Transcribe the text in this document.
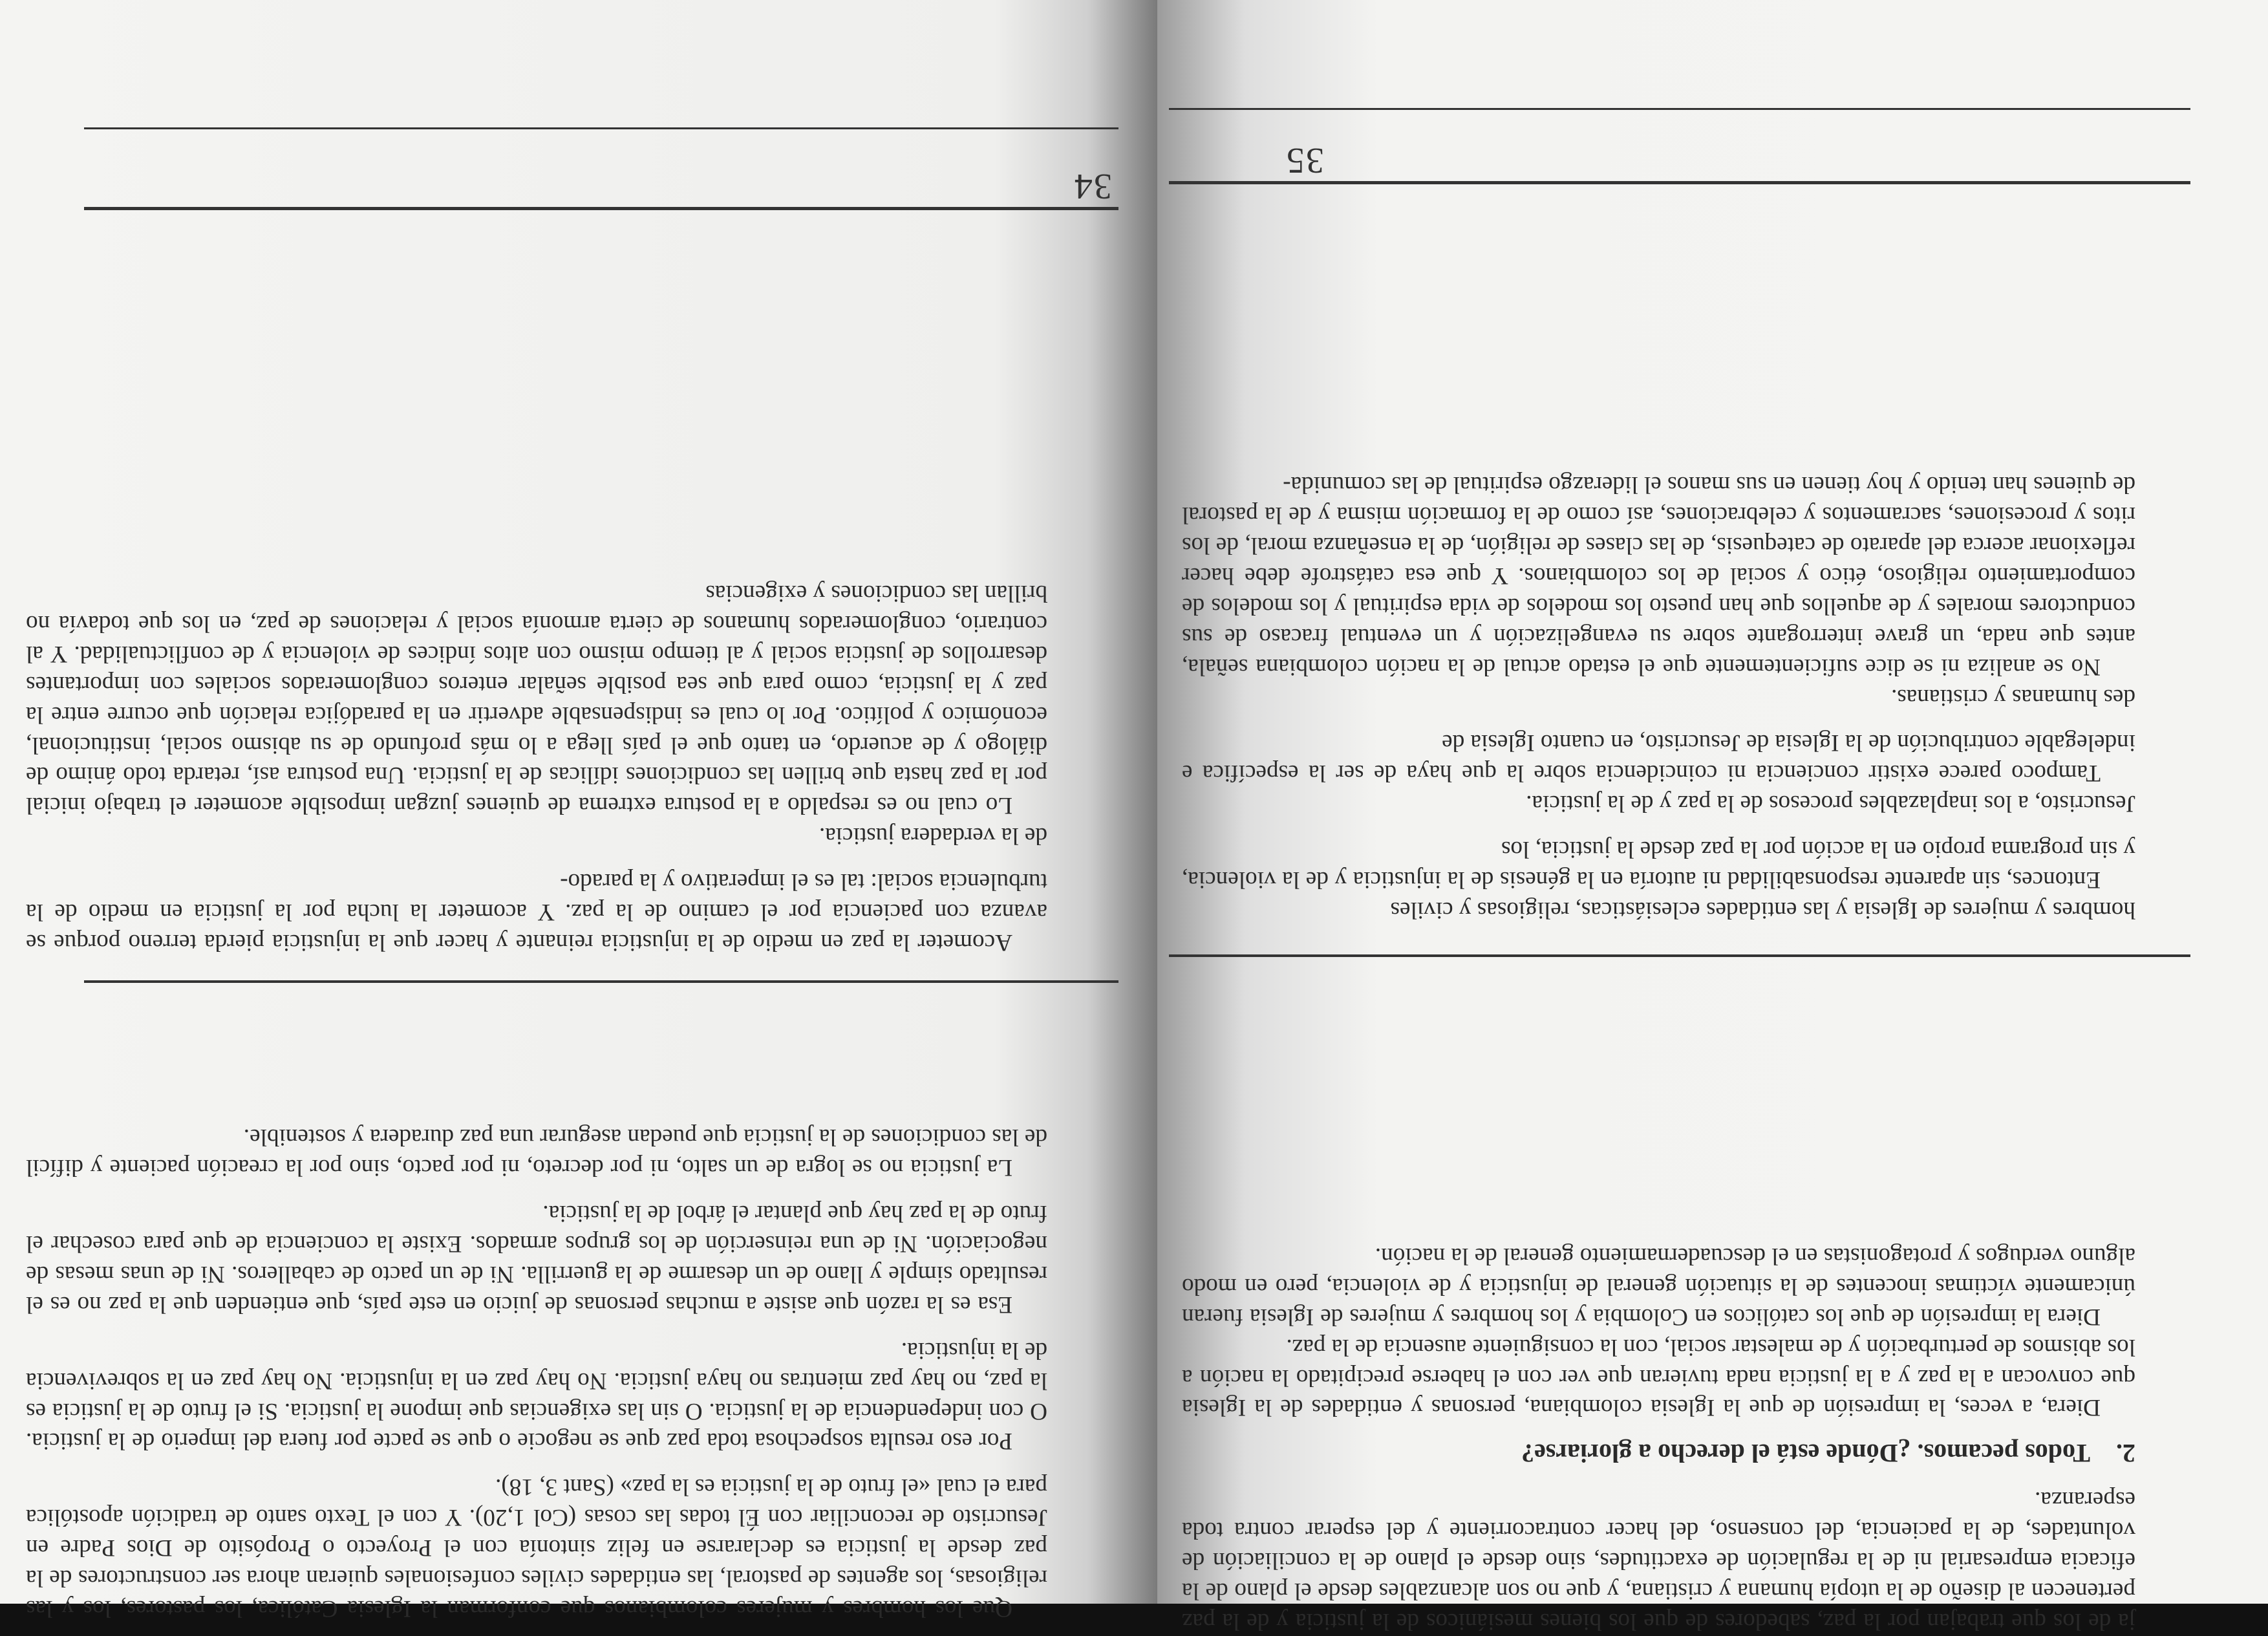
35

hombres y mujeres de Iglesia y las entidades eclesiásticas, religiosas y civiles

Entonces, sin aparente responsabilidad ni autoría en la génesis de la injusticia y de la violencia, y sin programa propio en la acción por la paz desde la justicia, los

Jesucristo, a los inaplazables procesos de la paz y de la justicia.

Tampoco parece existir conciencia ni coincidencia sobre la que haya de ser la específica e indelegable contribución de la Iglesia de Jesucristo, en cuanto Iglesia de

des humanas y cristianas.

No se analiza ni se dice suficientemente que el estado actual de la nación colombiana señala, antes que nada, un grave interrogante sobre su evangelización y un eventual fracaso de sus conductores morales y de aquellos que han puesto los modelos de vida espiritual y los modelos de comportamiento religioso, ético y social de los colombianos. Y que esa catástrofe debe hacer reflexionar acerca del aparato de catequesis, de las clases de religión, de la enseñanza moral, de los ritos y procesiones, sacramentos y celebraciones, así como de la formación misma y de la pastoral de quienes han tenido y hoy tienen en sus manos el liderazgo espiritual de las comunida-

ja de los que trabajan por la paz, sabedores de que los bienes mesiánicos de la justicia y de la paz pertenecen al diseño de la utopía humana y cristiana, y que no son alcanzables desde el plano de la eficacia empresarial ni de la regulación de exactitudes, sino desde el plano de la conciliación de voluntades, de la paciencia, del consenso, del hacer contracorriente y del esperar contra toda esperanza.

2.Todos pecamos. ¿Dónde está el derecho a gloriarse?

Diera, a veces, la impresión de que la Iglesia colombiana, personas y entidades de la Iglesia que convocan a la paz y a la justicia nada tuvieran que ver con el haberse precipitado la nación a los abismos de perturbación y de malestar social, con la consiguiente ausencia de la paz.

Diera la impresión de que los católicos en Colombia y los hombres y mujeres de Iglesia fueran únicamente víctimas inocentes de la situación general de injusticia y de violencia, pero en modo alguno verdugos y protagonistas en el descuadernamiento general de la nación.

34

Acometer la paz en medio de la injusticia reinante y hacer que la injusticia pierda terreno porque se avanza con paciencia por el camino de la paz. Y acometer la lucha por la justicia en medio de la turbulencia social: tal es el imperativo y la parado-

de la verdadera justicia.

Lo cual no es respaldo a la postura extrema de quienes juzgan imposible acometer el trabajo inicial por la paz hasta que brillen las condiciones idílicas de la justicia. Una postura así, retarda todo ánimo de diálogo y de acuerdo, en tanto que el país llega a lo más profundo de su abismo social, institucional, económico y político. Por lo cual es indispensable advertir en la paradójica relación que ocurre entre la paz y la justicia, como para que sea posible señalar enteros conglomerados sociales con importantes desarrollos de justicia social y al tiempo mismo con altos índices de violencia y de conflictualidad. Y al contrario, conglomerados humanos de cierta armonía social y relaciones de paz, en los que todavía no brillan las condiciones y exigencias

Que los hombres y mujeres colombianos que conforman la Iglesia Católica, los pastores, los y las religiosas, los agentes de pastoral, las entidades civiles confesionales quieran ahora ser constructores de la paz desde la justicia es declararse en feliz sintonía con el Proyecto o Propósito de Dios Padre en Jesucristo de reconciliar con Él todas las cosas (Col 1,20). Y con el Texto santo de tradición apostólica para el cual «el fruto de la justicia es la paz» (Sant 3, 18).

Por eso resulta sospechosa toda paz que se negocie o que se pacte por fuera del imperio de la justicia. O con independencia de la justicia. O sin las exigencias que impone la justicia. Si el fruto de la justicia es la paz, no hay paz mientras no haya justicia. No hay paz en la injusticia. No hay paz en la sobrevivencia de la injusticia.

Esa es la razón que asiste a muchas personas de juicio en este país, que entienden que la paz no es el resultado simple y llano de un desarme de la guerrilla. Ni de un pacto de caballeros. Ni de unas mesas de negociación. Ni de una reinserción de los grupos armados. Existe la conciencia de que para cosechar el fruto de la paz hay que plantar el árbol de la justicia.

La justicia no se logra de un salto, ni por decreto, ni por pacto, sino por la creación paciente y difícil de las condiciones de la justicia que puedan asegurar una paz duradera y sostenible.
